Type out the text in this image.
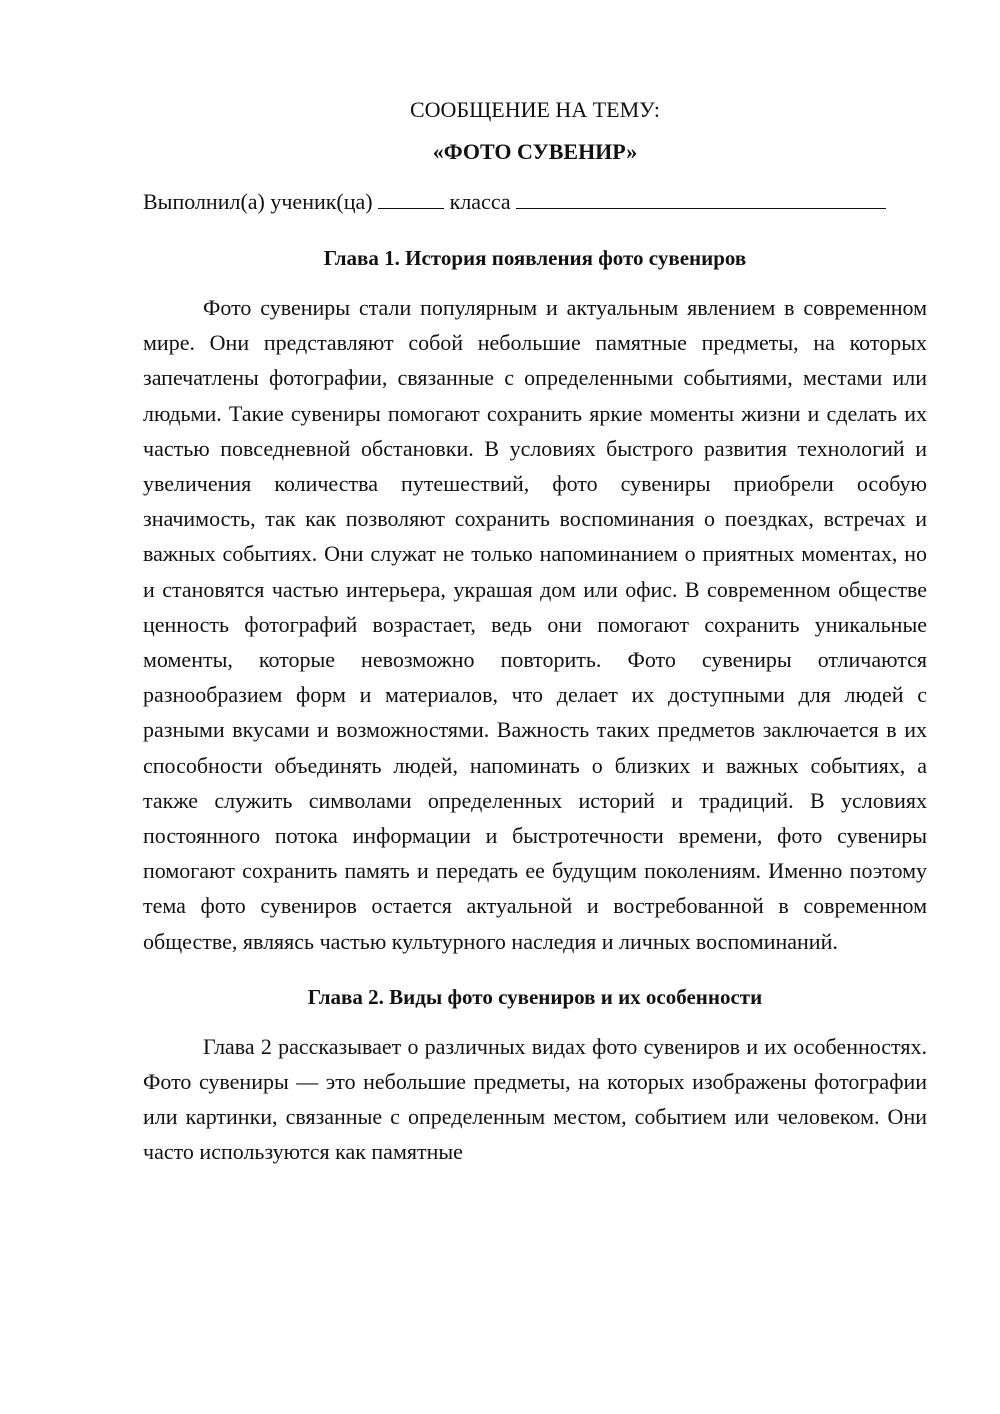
СООБЩЕНИЕ НА ТЕМУ:

«ФОТО СУВЕНИР»

Выполнил(а) ученик(ца)	класса

Глава 1. История появления фото сувениров

Фото сувениры стали популярным и актуальным явлением в современном мире. Они представляют собой небольшие памятные предметы, на которых запечатлены фотографии, связанные с определенными событиями, местами или людьми. Такие сувениры помогают сохранить яркие моменты жизни и сделать их частью повседневной обстановки. В условиях быстрого развития технологий и увеличения количества путешествий, фото сувениры приобрели особую значимость, так как позволяют сохранить воспоминания о поездках, встречах и важных событиях. Они служат не только напоминанием о приятных моментах, но и становятся частью интерьера, украшая дом или офис. В современном обществе ценность фотографий возрастает, ведь они помогают сохранить уникальные моменты, которые невозможно повторить. Фото сувениры отличаются разнообразием форм и материалов, что делает их доступными для людей с разными вкусами и возможностями. Важность таких предметов заключается в их способности объединять людей, напоминать о близких и важных событиях, а также служить символами определенных историй и традиций. В условиях постоянного потока информации и быстротечности времени, фото сувениры помогают сохранить память и передать ее будущим поколениям. Именно поэтому тема фото сувениров остается актуальной и востребованной в современном обществе, являясь частью культурного наследия и личных воспоминаний.

Глава 2. Виды фото сувениров и их особенности

Глава 2 рассказывает о различных видах фото сувениров и их особенностях. Фото сувениры — это небольшие предметы, на которых изображены фотографии или картинки, связанные с определенным местом, событием или человеком. Они часто используются как памятные
